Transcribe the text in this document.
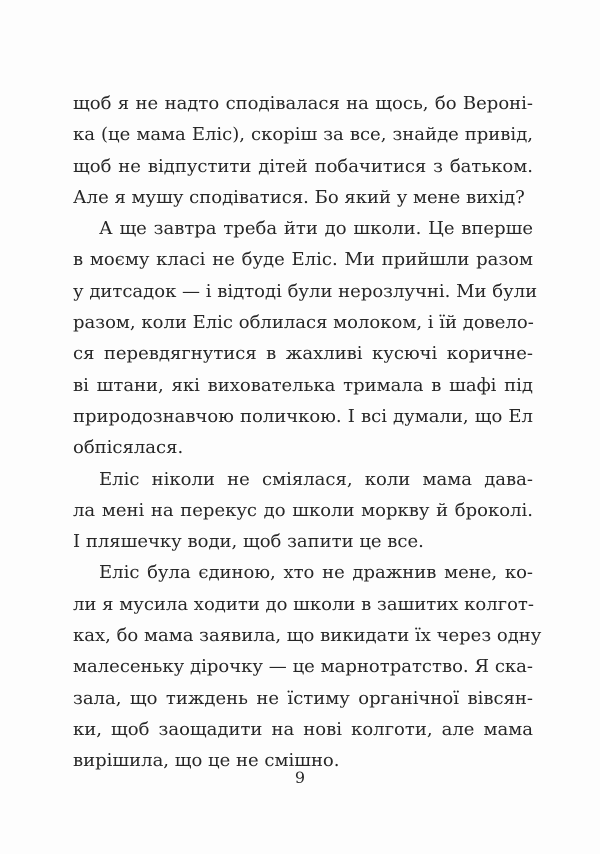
щоб я не надто сподівалася на щось, бо Вероні-
ка (це мама Еліс), скоріш за все, знайде привід,
щоб не відпустити дітей побачитися з батьком.
Але я мушу сподіватися. Бо який у мене вихід?
А ще завтра треба йти до школи. Це вперше
в моєму класі не буде Еліс. Ми прийшли разом
у дитсадок — і відтоді були нерозлучні. Ми були
разом, коли Еліс облилася молоком, і їй довело-
ся перевдягнутися в жахливі кусючі коричне-
ві штани, які вихователька тримала в шафі під
природознавчою поличкою. І всі думали, що Ел
обпісялася.
Еліс ніколи не сміялася, коли мама дава-
ла мені на перекус до школи моркву й броколі.
І пляшечку води, щоб запити це все.
Еліс була єдиною, хто не дражнив мене, ко-
ли я мусила ходити до школи в зашитих колгот-
ках, бо мама заявила, що викидати їх через одну
малесеньку дірочку — це марнотратство. Я ска-
зала, що тиждень не їстиму органічної вівсян-
ки, щоб заощадити на нові колготи, але мама
вирішила, що це не смішно.
9
